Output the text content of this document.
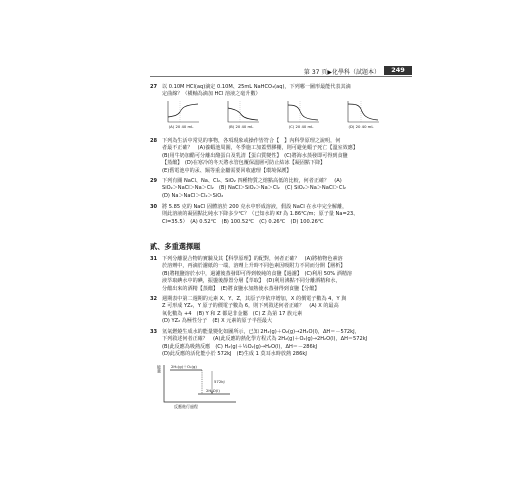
第 37 頁▶化學科（試題本）	249
27 以 0.10M HCl(aq)滴定 0.10M、25mL NaHCO₃(aq)，下列哪一圖形最能代表其滴
定曲線？（橫軸為滴加 HCl 溶液之毫升數）
(A) 20 40 mL	(B) 20 40 mL	(C) 20 40 mL	(D) 20 40 mL
28 下列為生活中常見的事物，各項現象或操作皆符合【　】內科學原理之說明，何
者最不正確？　(A)養蝦池周圍，冬季施工加蓋塑膠棚，則可避免蝦子死亡【溫室效應】
(B)用牛奶加醋可分離出酪蛋白及乳清【蛋白質變性】　(C)將海水蒸發即可得到食鹽
【蒸餾】　(D)在寒冷的冬天將水管包覆保溫層可防止結冰【凝固點下降】
(E)舊電池中的汞、鎘等重金屬需要回收處理【環境保護】
29 下列有關 NaCl、Na、Cl₂、SiO₂ 四種物質之熔點高低的比較，何者正確？　(A)
SiO₂＞NaCl＞Na＞Cl₂　(B) NaCl＞SiO₂＞Na＞Cl₂　(C) SiO₂＞Na＞NaCl＞Cl₂
(D) Na＞NaCl＞Cl₂＞SiO₂
30 將 5.85 克的 NaCl 固體溶於 200 克水中形成溶液，假設 NaCl 在水中完全解離，
則此溶液的凝固點比純水下降多少℃？（已知水的 Kf 為 1.86℃/m；原子量 Na=23、
Cl=35.5）　(A) 0.52℃　(B) 100.52℃　(C) 0.26℃　(D) 100.26℃
貳、多重選擇題
31 下列分離混合物的實驗及其【科學原理】的配對，何者正確？　(A)將植物色素溶
於溶劑中，再滴於濾紙的一端，溶劑上升時不同色素因吸附力不同而分開【層析】
(B)將粗鹽溶於水中，過濾後蒸發即可得到較純的食鹽【過濾】　(C)利用 50% 酒精溶
液萃取碘水中的碘，振盪後靜置分層【萃取】　(D)利用沸點不同分離酒精和水，
分餾出來的酒精【蒸餾】　(E)將食鹽水加熱使水蒸發得到食鹽【分餾】
32 週期表中第二週期的元素 X、Y、Z，其原子序依序增加，X 的價電子數為 4，Y 與
Z 可形成 YZ₂，Y 原子的價電子數為 6，則下列敘述何者正確？　(A) X 的最高
氧化數為 +4　(B) Y 和 Z 都是非金屬　(C) Z 為第 17 族元素
(D) YZ₂ 為極性分子　(E) X 元素的原子半徑最大
33 氫氣燃燒生成水的能量變化如圖所示，已知 2H₂(g)＋O₂(g)→2H₂O(l)，ΔH＝－572kJ，
下列敘述何者正確？　(A)此反應的熱化學方程式為 2H₂(g)＋O₂(g)→2H₂O(l)，ΔH＝572kJ
(B)此反應為吸熱反應　(C) H₂(g)＋½O₂(g)→H₂O(l)，ΔH＝－286kJ
(D)此反應的活化能小於 572kJ　(E)生成 1 莫耳水時放熱 286kJ
能量 2H₂(g)＋O₂(g)
572kJ
2H₂O(l)
反應進行過程
